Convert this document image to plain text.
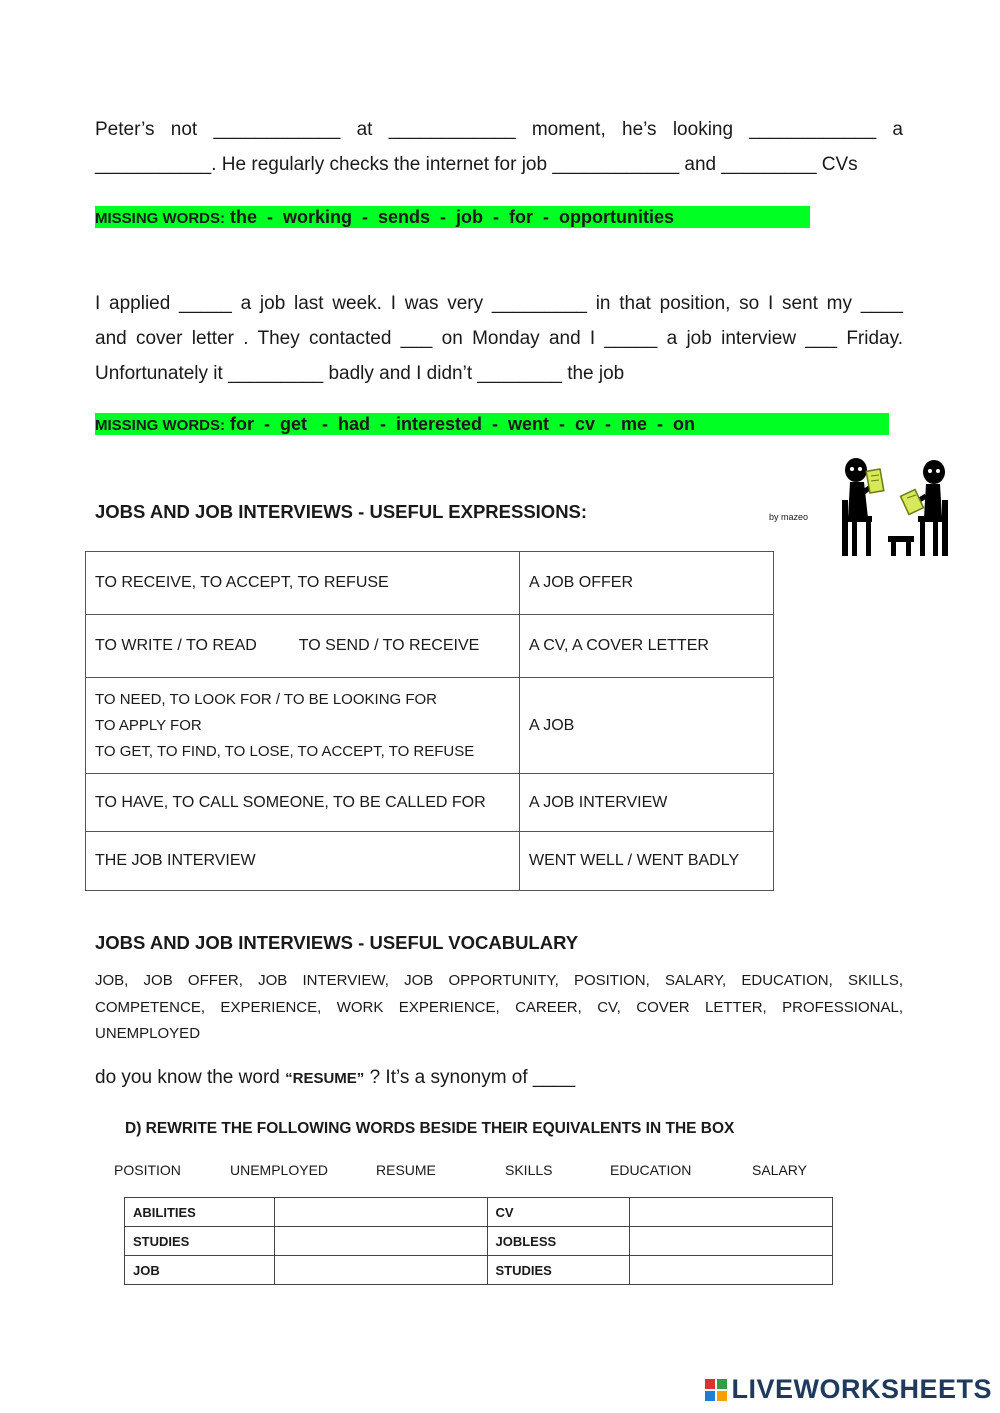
Peter’s not ____________ at ____________ moment, he’s looking ____________ a
___________. He regularly checks the internet for job ____________ and _________ CVs

MISSING WORDS: the  -  working  -  sends  -  job  -  for  -  opportunities

I applied _____ a job last week. I was very _________ in that position, so I sent my ____
and cover letter . They contacted ___ on Monday and I _____ a job interview ___ Friday.
Unfortunately it _________ badly and I didn’t ________ the job

MISSING WORDS: for  -  get   -  had  -  interested  -  went  -  cv  -  me  -  on
JOBS AND JOB INTERVIEWS - USEFUL EXPRESSIONS:	by mazeo
TO RECEIVE, TO ACCEPT, TO REFUSE	A JOB OFFER
TO WRITE / TO READ TO SEND / TO RECEIVE	A CV, A COVER LETTER

TO NEED, TO LOOK FOR / TO BE LOOKING FOR
TO APPLY FOR
TO GET, TO FIND, TO LOSE, TO ACCEPT, TO REFUSE	A JOB
TO HAVE, TO CALL SOMEONE, TO BE CALLED FOR	A JOB INTERVIEW
THE JOB INTERVIEW	WENT WELL / WENT BADLY
JOBS AND JOB INTERVIEWS - USEFUL VOCABULARY

JOB, JOB OFFER, JOB INTERVIEW, JOB OPPORTUNITY, POSITION, SALARY, EDUCATION, SKILLS,
COMPETENCE, EXPERIENCE, WORK EXPERIENCE, CAREER, CV, COVER LETTER, PROFESSIONAL,
UNEMPLOYED

do you know the word “RESUME” ? It’s a synonym of ____
D) REWRITE THE FOLLOWING WORDS BESIDE THEIR EQUIVALENTS IN THE BOX
POSITION	UNEMPLOYED	RESUME	SKILLS	EDUCATION	SALARY
ABILITIES		CV	
STUDIES		JOBLESS	
JOB		STUDIES	
LIVEWORKSHEETS
